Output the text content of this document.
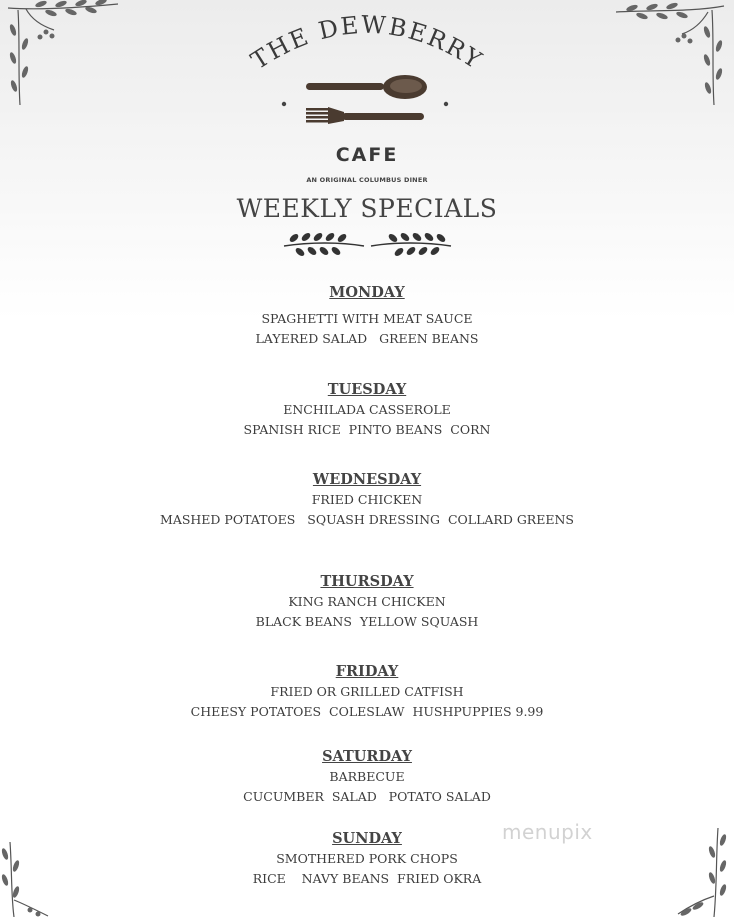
THE DEWBERRY
CAFE
AN ORIGINAL COLUMBUS DINER
WEEKLY SPECIALS
MONDAY
SPAGHETTI WITH MEAT SAUCE
LAYERED SALAD   GREEN BEANS
TUESDAY
ENCHILADA CASSEROLE
SPANISH RICE  PINTO BEANS  CORN
WEDNESDAY
FRIED CHICKEN
MASHED POTATOES   SQUASH DRESSING  COLLARD GREENS
THURSDAY
KING RANCH CHICKEN
BLACK BEANS  YELLOW SQUASH
FRIDAY
FRIED OR GRILLED CATFISH
CHEESY POTATOES  COLESLAW  HUSHPUPPIES 9.99
SATURDAY
BARBECUE
CUCUMBER  SALAD   POTATO SALAD
SUNDAY
SMOTHERED PORK CHOPS
RICE    NAVY BEANS  FRIED OKRA
menupix
